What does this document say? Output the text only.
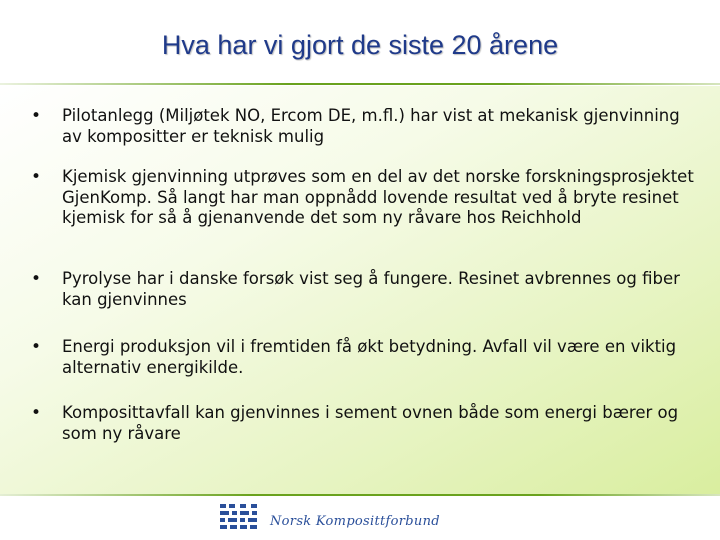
Hva har vi gjort de siste 20 årene
• Pilotanlegg (Miljøtek NO, Ercom DE, m.fl.) har vist at mekanisk gjenvinning av kompositter er teknisk mulig
• Kjemisk gjenvinning utprøves som en del av det norske forskningsprosjektet GjenKomp. Så langt har man oppnådd lovende resultat ved å bryte resinet kjemisk for så å gjenanvende det som ny råvare hos Reichhold
• Pyrolyse har i danske forsøk vist seg å fungere. Resinet avbrennes og fiber kan gjenvinnes
• Energi produksjon vil i fremtiden få økt betydning. Avfall vil være en viktig alternativ energikilde.
• Komposittavfall kan gjenvinnes i sement ovnen både som energi bærer og som ny råvare
Norsk Komposittforbund
